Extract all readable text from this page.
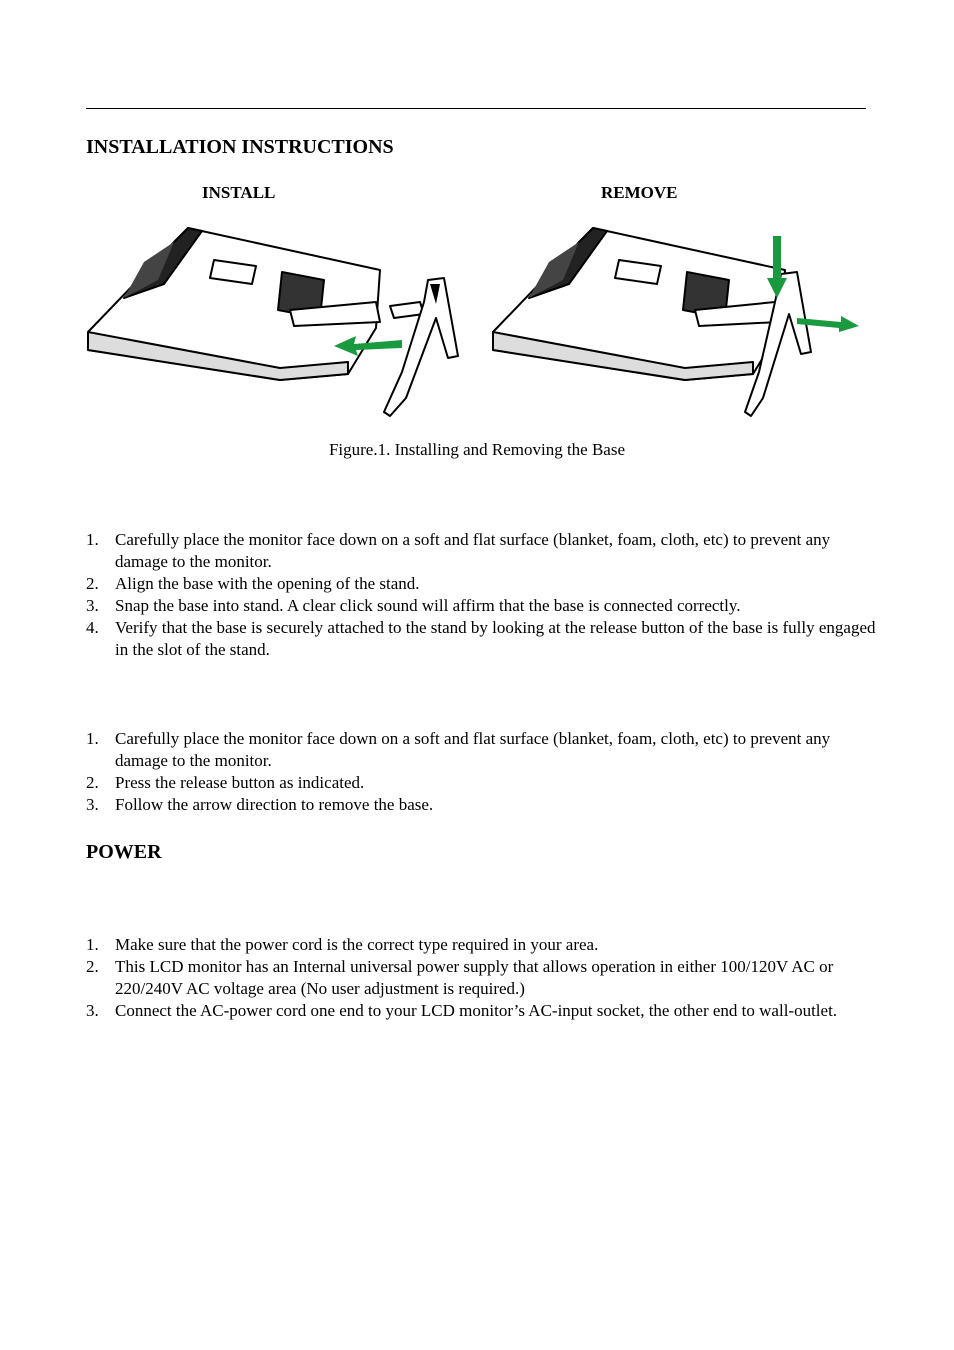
INSTALLATION INSTRUCTIONS
INSTALL	REMOVE
Figure.1. Installing and Removing the Base
1. Carefully place the monitor face down on a soft and flat surface (blanket, foam, cloth, etc) to prevent any damage to the monitor.
2. Align the base with the opening of the stand.
3. Snap the base into stand. A clear click sound will affirm that the base is connected correctly.
4. Verify that the base is securely attached to the stand by looking at the release button of the base is fully engaged in the slot of the stand.
1. Carefully place the monitor face down on a soft and flat surface (blanket, foam, cloth, etc) to prevent any damage to the monitor.
2. Press the release button as indicated.
3. Follow the arrow direction to remove the base.
POWER
1. Make sure that the power cord is the correct type required in your area.
2. This LCD monitor has an Internal universal power supply that allows operation in either 100/120V AC or 220/240V AC voltage area (No user adjustment is required.)
3. Connect the AC-power cord one end to your LCD monitor’s AC-input socket, the other end to wall-outlet.
